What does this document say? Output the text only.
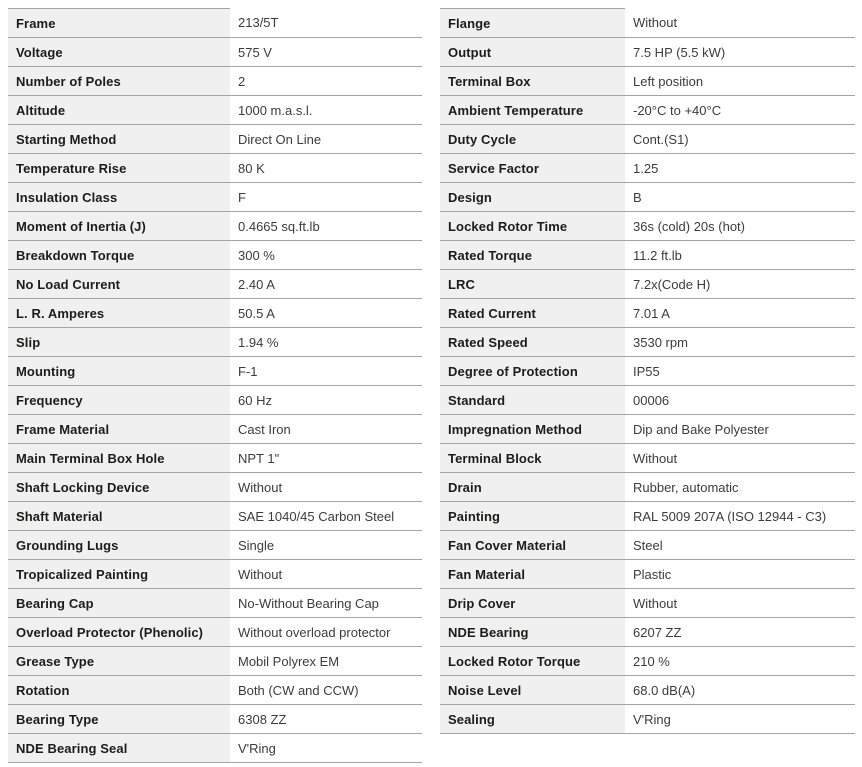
Frame	213/5T
Voltage	575 V
Number of Poles	2
Altitude	1000 m.a.s.l.
Starting Method	Direct On Line
Temperature Rise	80 K
Insulation Class	F
Moment of Inertia (J)	0.4665 sq.ft.lb
Breakdown Torque	300 %
No Load Current	2.40 A
L. R. Amperes	50.5 A
Slip	1.94 %
Mounting	F-1
Frequency	60 Hz
Frame Material	Cast Iron
Main Terminal Box Hole	NPT 1"
Shaft Locking Device	Without
Shaft Material	SAE 1040/45 Carbon Steel
Grounding Lugs	Single
Tropicalized Painting	Without
Bearing Cap	No-Without Bearing Cap
Overload Protector (Phenolic)	Without overload protector
Grease Type	Mobil Polyrex EM
Rotation	Both (CW and CCW)
Bearing Type	6308 ZZ
NDE Bearing Seal	V'Ring
Flange	Without
Output	7.5 HP (5.5 kW)
Terminal Box	Left position
Ambient Temperature	-20°C to +40°C
Duty Cycle	Cont.(S1)
Service Factor	1.25
Design	B
Locked Rotor Time	36s (cold) 20s (hot)
Rated Torque	11.2 ft.lb
LRC	7.2x(Code H)
Rated Current	7.01 A
Rated Speed	3530 rpm
Degree of Protection	IP55
Standard	00006
Impregnation Method	Dip and Bake Polyester
Terminal Block	Without
Drain	Rubber, automatic
Painting	RAL 5009 207A (ISO 12944 - C3)
Fan Cover Material	Steel
Fan Material	Plastic
Drip Cover	Without
NDE Bearing	6207 ZZ
Locked Rotor Torque	210 %
Noise Level	68.0 dB(A)
Sealing	V'Ring
